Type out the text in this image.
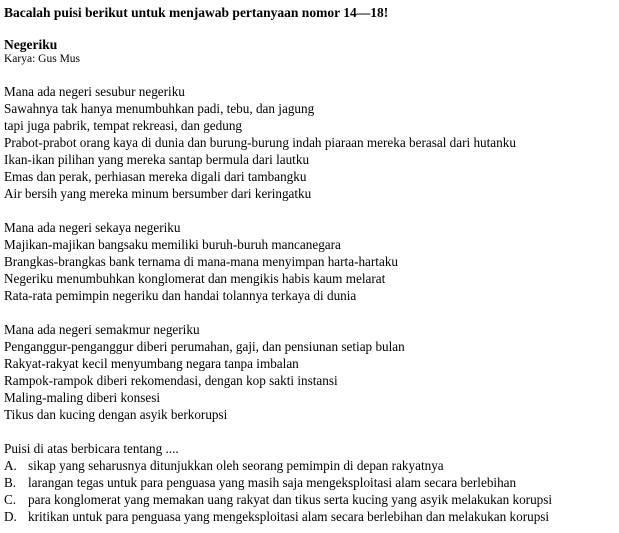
Bacalah puisi berikut untuk menjawab pertanyaan nomor 14—18!
Negeriku
Karya: Gus Mus
Mana ada negeri sesubur negeriku
Sawahnya tak hanya menumbuhkan padi, tebu, dan jagung
tapi juga pabrik, tempat rekreasi, dan gedung
Prabot-prabot orang kaya di dunia dan burung-burung indah piaraan mereka berasal dari hutanku
Ikan-ikan pilihan yang mereka santap bermula dari lautku
Emas dan perak, perhiasan mereka digali dari tambangku
Air bersih yang mereka minum bersumber dari keringatku
Mana ada negeri sekaya negeriku
Majikan-majikan bangsaku memiliki buruh-buruh mancanegara
Brangkas-brangkas bank ternama di mana-mana menyimpan harta-hartaku
Negeriku menumbuhkan konglomerat dan mengikis habis kaum melarat
Rata-rata pemimpin negeriku dan handai tolannya terkaya di dunia
Mana ada negeri semakmur negeriku
Penganggur-penganggur diberi perumahan, gaji, dan pensiunan setiap bulan
Rakyat-rakyat kecil menyumbang negara tanpa imbalan
Rampok-rampok diberi rekomendasi, dengan kop sakti instansi
Maling-maling diberi konsesi
Tikus dan kucing dengan asyik berkorupsi
Puisi di atas berbicara tentang ....
A. sikap yang seharusnya ditunjukkan oleh seorang pemimpin di depan rakyatnya
B. larangan tegas untuk para penguasa yang masih saja mengeksploitasi alam secara berlebihan
C. para konglomerat yang memakan uang rakyat dan tikus serta kucing yang asyik melakukan korupsi
D. kritikan untuk para penguasa yang mengeksploitasi alam secara berlebihan dan melakukan korupsi
